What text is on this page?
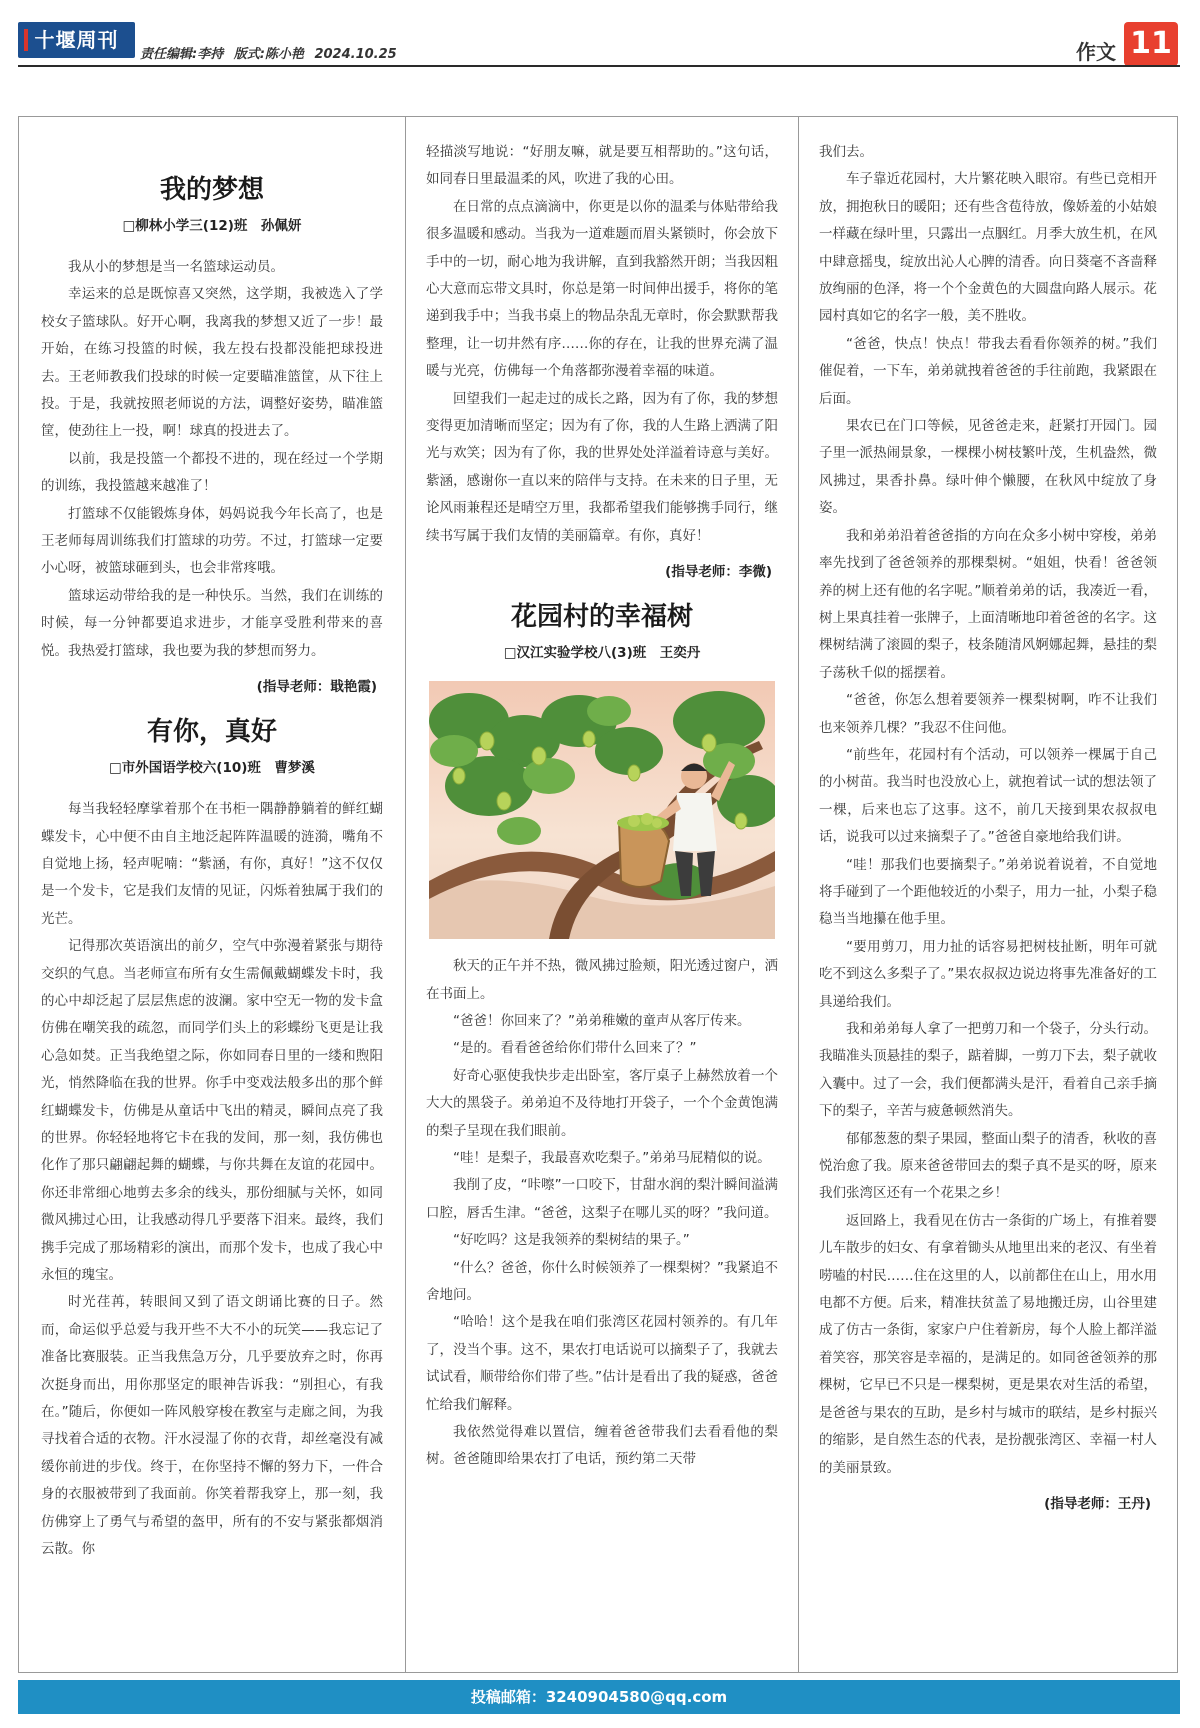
十堰周刊
责任编辑:李持 版式:陈小艳 2024.10.25	作文 11
我的梦想
□柳林小学三(12)班　孙佩妍

我从小的梦想是当一名篮球运动员。

幸运来的总是既惊喜又突然，这学期，我被选入了学校女子篮球队。好开心啊，我离我的梦想又近了一步！最开始，在练习投篮的时候，我左投右投都没能把球投进去。王老师教我们投球的时候一定要瞄准篮筐，从下往上投。于是，我就按照老师说的方法，调整好姿势，瞄准篮筐，使劲往上一投，啊！球真的投进去了。

以前，我是投篮一个都投不进的，现在经过一个学期的训练，我投篮越来越准了！

打篮球不仅能锻炼身体，妈妈说我今年长高了，也是王老师每周训练我们打篮球的功劳。不过，打篮球一定要小心呀，被篮球砸到头，也会非常疼哦。

篮球运动带给我的是一种快乐。当然，我们在训练的时候，每一分钟都要追求进步，才能享受胜利带来的喜悦。我热爱打篮球，我也要为我的梦想而努力。

(指导老师：戢艳霞)
有你，真好
□市外国语学校六(10)班　曹梦溪

每当我轻轻摩挲着那个在书柜一隅静静躺着的鲜红蝴蝶发卡，心中便不由自主地泛起阵阵温暖的涟漪，嘴角不自觉地上扬，轻声呢喃：“紫涵，有你，真好！”这不仅仅是一个发卡，它是我们友情的见证，闪烁着独属于我们的光芒。

记得那次英语演出的前夕，空气中弥漫着紧张与期待交织的气息。当老师宣布所有女生需佩戴蝴蝶发卡时，我的心中却泛起了层层焦虑的波澜。家中空无一物的发卡盒仿佛在嘲笑我的疏忽，而同学们头上的彩蝶纷飞更是让我心急如焚。正当我绝望之际，你如同春日里的一缕和煦阳光，悄然降临在我的世界。你手中变戏法般多出的那个鲜红蝴蝶发卡，仿佛是从童话中飞出的精灵，瞬间点亮了我的世界。你轻轻地将它卡在我的发间，那一刻，我仿佛也化作了那只翩翩起舞的蝴蝶，与你共舞在友谊的花园中。你还非常细心地剪去多余的线头，那份细腻与关怀，如同微风拂过心田，让我感动得几乎要落下泪来。最终，我们携手完成了那场精彩的演出，而那个发卡，也成了我心中永恒的瑰宝。

时光荏苒，转眼间又到了语文朗诵比赛的日子。然而，命运似乎总爱与我开些不大不小的玩笑——我忘记了准备比赛服装。正当我焦急万分，几乎要放弃之时，你再次挺身而出，用你那坚定的眼神告诉我：“别担心，有我在。”随后，你便如一阵风般穿梭在教室与走廊之间，为我寻找着合适的衣物。汗水浸湿了你的衣背，却丝毫没有减缓你前进的步伐。终于，在你坚持不懈的努力下，一件合身的衣服被带到了我面前。你笑着帮我穿上，那一刻，我仿佛穿上了勇气与希望的盔甲，所有的不安与紧张都烟消云散。你

轻描淡写地说：“好朋友嘛，就是要互相帮助的。”这句话，如同春日里最温柔的风，吹进了我的心田。

在日常的点点滴滴中，你更是以你的温柔与体贴带给我很多温暖和感动。当我为一道难题而眉头紧锁时，你会放下手中的一切，耐心地为我讲解，直到我豁然开朗；当我因粗心大意而忘带文具时，你总是第一时间伸出援手，将你的笔递到我手中；当我书桌上的物品杂乱无章时，你会默默帮我整理，让一切井然有序……你的存在，让我的世界充满了温暖与光亮，仿佛每一个角落都弥漫着幸福的味道。

回望我们一起走过的成长之路，因为有了你，我的梦想变得更加清晰而坚定；因为有了你，我的人生路上洒满了阳光与欢笑；因为有了你，我的世界处处洋溢着诗意与美好。紫涵，感谢你一直以来的陪伴与支持。在未来的日子里，无论风雨兼程还是晴空万里，我都希望我们能够携手同行，继续书写属于我们友情的美丽篇章。有你，真好！

(指导老师：李微)
花园村的幸福树
□汉江实验学校八(3)班　王奕丹

秋天的正午并不热，微风拂过脸颊，阳光透过窗户，洒在书面上。

“爸爸！你回来了？”弟弟稚嫩的童声从客厅传来。

“是的。看看爸爸给你们带什么回来了？”

好奇心驱使我快步走出卧室，客厅桌子上赫然放着一个大大的黑袋子。弟弟迫不及待地打开袋子，一个个金黄饱满的梨子呈现在我们眼前。

“哇！是梨子，我最喜欢吃梨子。”弟弟马屁精似的说。

我削了皮，“咔嚓”一口咬下，甘甜水润的梨汁瞬间溢满口腔，唇舌生津。“爸爸，这梨子在哪儿买的呀？”我问道。

“好吃吗？这是我领养的梨树结的果子。”

“什么？爸爸，你什么时候领养了一棵梨树？”我紧追不舍地问。

“哈哈！这个是我在咱们张湾区花园村领养的。有几年了，没当个事。这不，果农打电话说可以摘梨子了，我就去试试看，顺带给你们带了些。”估计是看出了我的疑惑，爸爸忙给我们解释。

我依然觉得难以置信，缠着爸爸带我们去看看他的梨树。爸爸随即给果农打了电话，预约第二天带

我们去。

车子靠近花园村，大片繁花映入眼帘。有些已竞相开放，拥抱秋日的暖阳；还有些含苞待放，像娇羞的小姑娘一样藏在绿叶里，只露出一点胭红。月季大放生机，在风中肆意摇曳，绽放出沁人心脾的清香。向日葵毫不吝啬释放绚丽的色泽，将一个个金黄色的大圆盘向路人展示。花园村真如它的名字一般，美不胜收。

“爸爸，快点！快点！带我去看看你领养的树。”我们催促着，一下车，弟弟就拽着爸爸的手往前跑，我紧跟在后面。

果农已在门口等候，见爸爸走来，赶紧打开园门。园子里一派热闹景象，一棵棵小树枝繁叶茂，生机盎然，微风拂过，果香扑鼻。绿叶伸个懒腰，在秋风中绽放了身姿。

我和弟弟沿着爸爸指的方向在众多小树中穿梭，弟弟率先找到了爸爸领养的那棵梨树。“姐姐，快看！爸爸领养的树上还有他的名字呢。”顺着弟弟的话，我凑近一看，树上果真挂着一张牌子，上面清晰地印着爸爸的名字。这棵树结满了滚圆的梨子，枝条随清风婀娜起舞，悬挂的梨子荡秋千似的摇摆着。

“爸爸，你怎么想着要领养一棵梨树啊，咋不让我们也来领养几棵？”我忍不住问他。

“前些年，花园村有个活动，可以领养一棵属于自己的小树苗。我当时也没放心上，就抱着试一试的想法领了一棵，后来也忘了这事。这不，前几天接到果农叔叔电话，说我可以过来摘梨子了。”爸爸自豪地给我们讲。

“哇！那我们也要摘梨子。”弟弟说着说着，不自觉地将手碰到了一个距他较近的小梨子，用力一扯，小梨子稳稳当当地攥在他手里。

“要用剪刀，用力扯的话容易把树枝扯断，明年可就吃不到这么多梨子了。”果农叔叔边说边将事先准备好的工具递给我们。

我和弟弟每人拿了一把剪刀和一个袋子，分头行动。我瞄准头顶悬挂的梨子，踮着脚，一剪刀下去，梨子就收入囊中。过了一会，我们便都满头是汗，看着自己亲手摘下的梨子，辛苦与疲惫顿然消失。

郁郁葱葱的梨子果园，整面山梨子的清香，秋收的喜悦治愈了我。原来爸爸带回去的梨子真不是买的呀，原来我们张湾区还有一个花果之乡！

返回路上，我看见在仿古一条街的广场上，有推着婴儿车散步的妇女、有拿着锄头从地里出来的老汉、有坐着唠嗑的村民……住在这里的人，以前都住在山上，用水用电都不方便。后来，精准扶贫盖了易地搬迁房，山谷里建成了仿古一条街，家家户户住着新房，每个人脸上都洋溢着笑容，那笑容是幸福的，是满足的。如同爸爸领养的那棵树，它早已不只是一棵梨树，更是果农对生活的希望，是爸爸与果农的互助，是乡村与城市的联结，是乡村振兴的缩影，是自然生态的代表，是扮靓张湾区、幸福一村人的美丽景致。

(指导老师：王丹)
投稿邮箱：3240904580@qq.com
